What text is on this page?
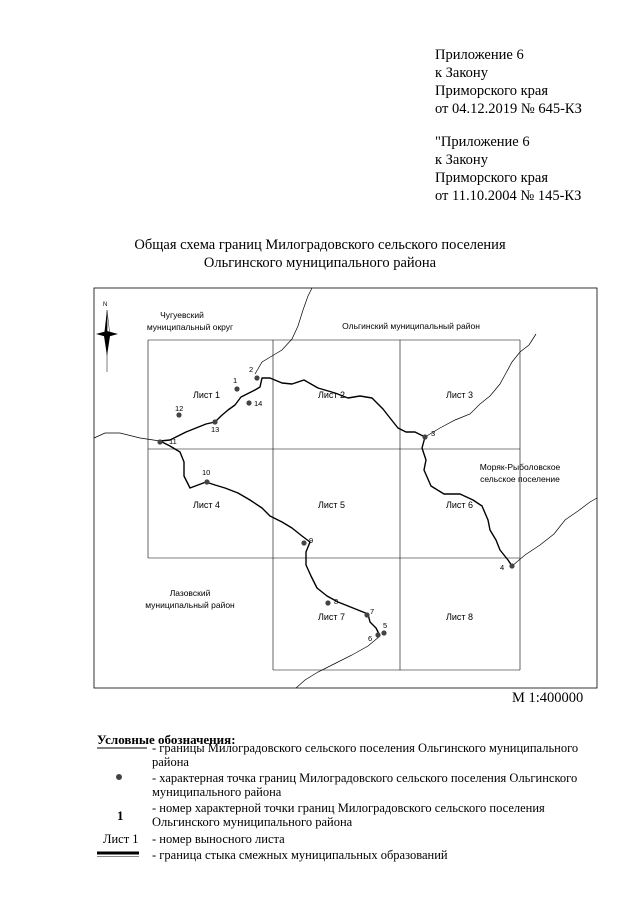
Приложение 6
к Закону
Приморского края
от 04.12.2019 № 645-КЗ
"Приложение 6
к Закону
Приморского края
от 11.10.2004 № 145-КЗ
Общая схема границ Милоградовского сельского поселения
Ольгинского муниципального района
1
2
3
4
5
6
7
8
9
10
11
12
13
14
Лист 1	Лист 2	Лист 3
Лист 4	Лист 5	Лист 6
Лист 7	Лист 8
Чугуевский
муниципальный округ	Ольгинский муниципальный район
Моряк-Рыболовское
сельское поселение
Лазовский
муниципальный район
N
М 1:400000
Условные обозначения:
- границы Милоградовского сельского поселения Ольгинского муниципального района
- характерная точка границ Милоградовского сельского поселения Ольгинского муниципального района
1 - номер характерной точки границ Милоградовского сельского поселения Ольгинского муниципального района
Лист 1 - номер выносного листа
- граница стыка смежных муниципальных образований
